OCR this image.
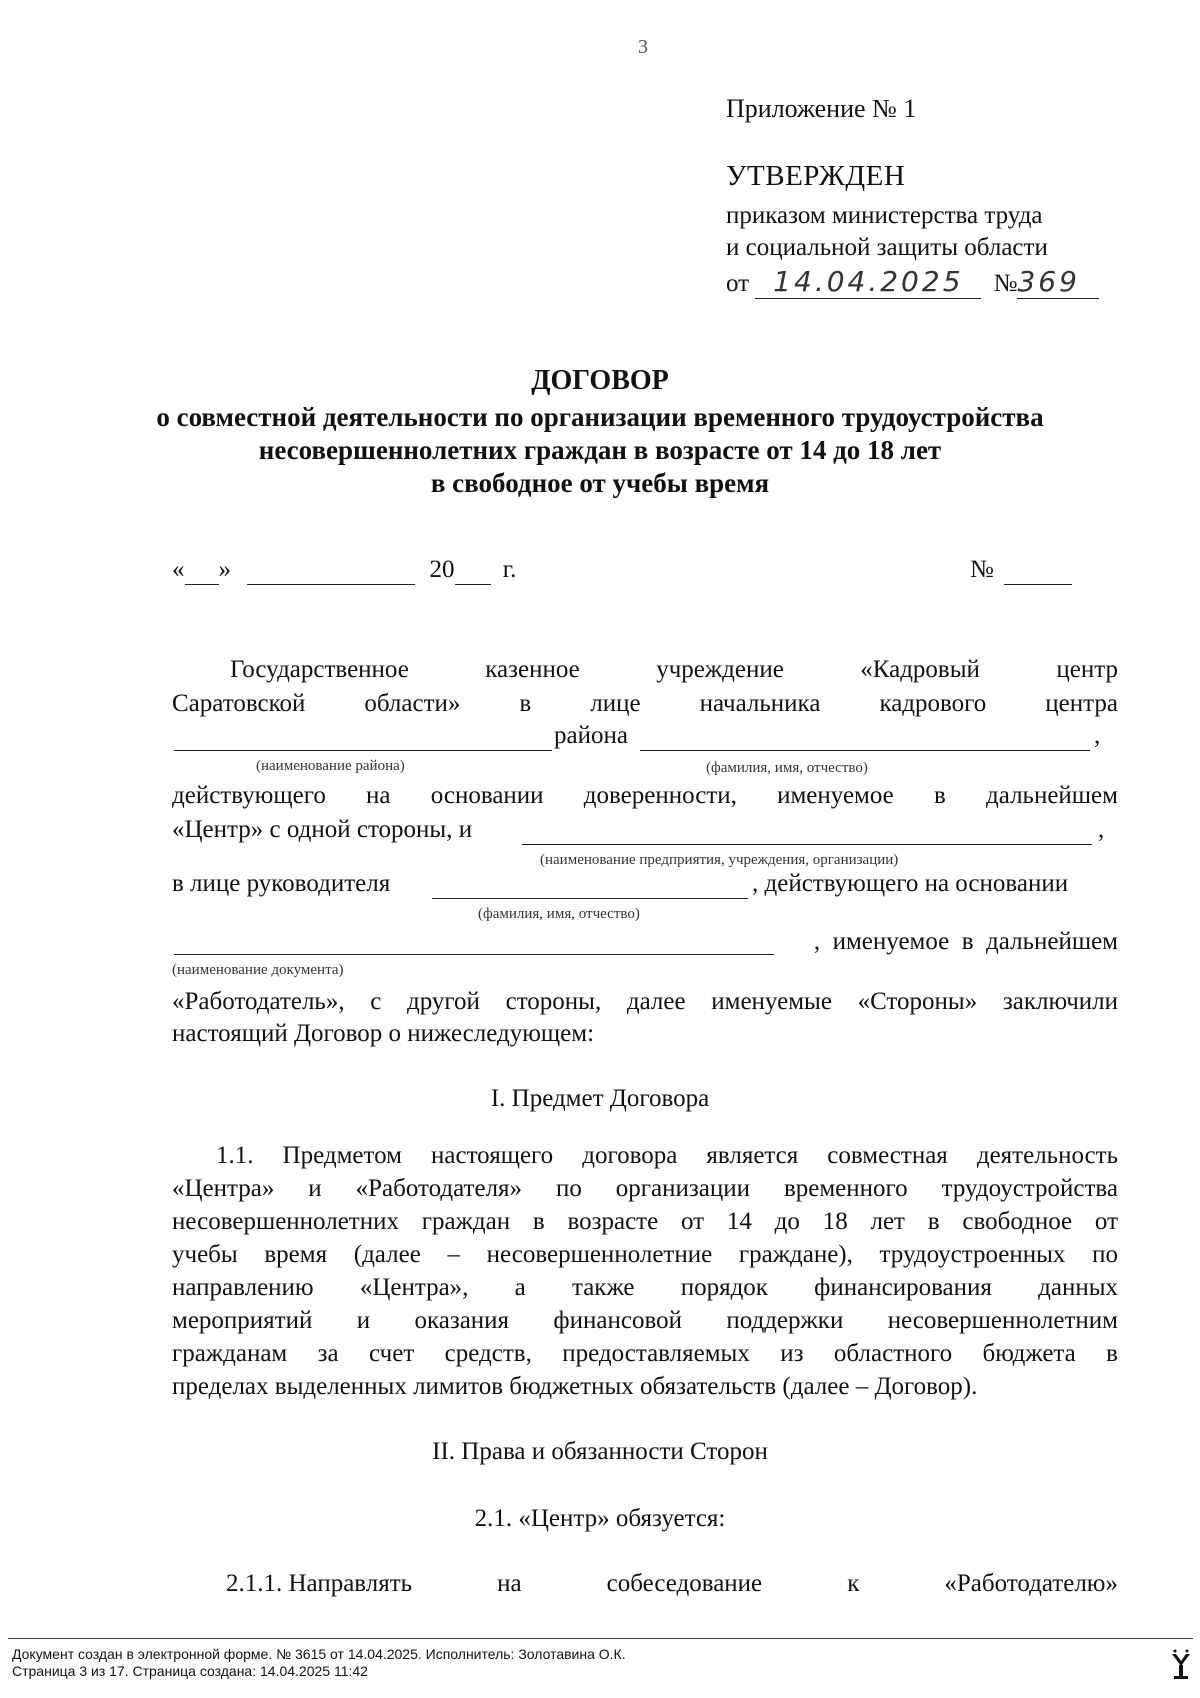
3
Приложение № 1
УТВЕРЖДЕН
приказом министерства труда
и социальной защиты области
от 14.04.2025 №369
ДОГОВОР
о совместной деятельности по организации временного трудоустройства
несовершеннолетних граждан в возрасте от 14 до 18 лет
в свободное от учебы время
« »	20 г.	№
Государственное	казенное	учреждение	«Кадровый	центр
Саратовской области» в лице начальника кадрового центра
района	,
(наименование района)	(фамилия, имя, отчество)
действующего на основании доверенности, именуемое в дальнейшем
«Центр» с одной стороны, и	,
(наименование предприятия, учреждения, организации)
в лице руководителя	, действующего на основании
(фамилия, имя, отчество)
,  именуемое  в  дальнейшем
(наименование документа)
«Работодатель», с другой стороны, далее именуемые «Стороны» заключили
настоящий Договор о нижеследующем:
I. Предмет Договора
1.1. Предметом настоящего договора является совместная деятельность
«Центра» и «Работодателя» по организации временного трудоустройства
несовершеннолетних граждан в возрасте от 14 до 18 лет в свободное от
учебы время (далее – несовершеннолетние граждане), трудоустроенных по
направлению «Центра», а также порядок финансирования данных
мероприятий и оказания финансовой поддержки несовершеннолетним
гражданам за счет средств, предоставляемых из областного бюджета в
пределах выделенных лимитов бюджетных обязательств (далее – Договор).
II. Права и обязанности Сторон
2.1. «Центр» обязуется:
2.1.1. Направлять	на	собеседование	к	«Работодателю»
Документ создан в электронной форме. № 3615 от 14.04.2025. Исполнитель: Золотавина О.К.
Страница 3 из 17. Страница создана: 14.04.2025 11:42
